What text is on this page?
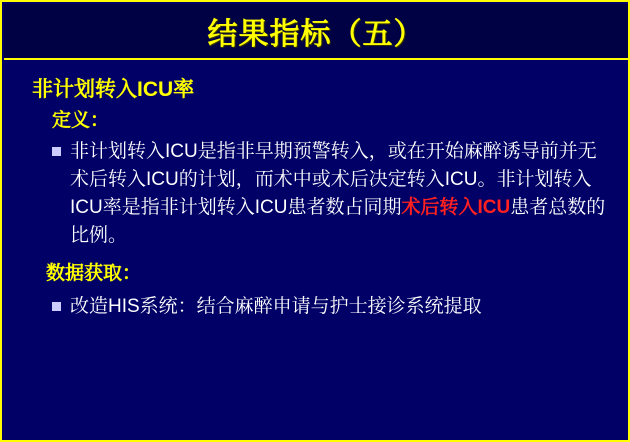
结果指标（五）
非计划转入ICU率
定义：
非计划转入ICU是指非早期预警转入，或在开始麻醉诱导前并无术后转入ICU的计划，而术中或术后决定转入ICU。非计划转入ICU率是指非计划转入ICU患者数占同期术后转入ICU患者总数的比例。
数据获取：
改造HIS系统：结合麻醉申请与护士接诊系统提取
